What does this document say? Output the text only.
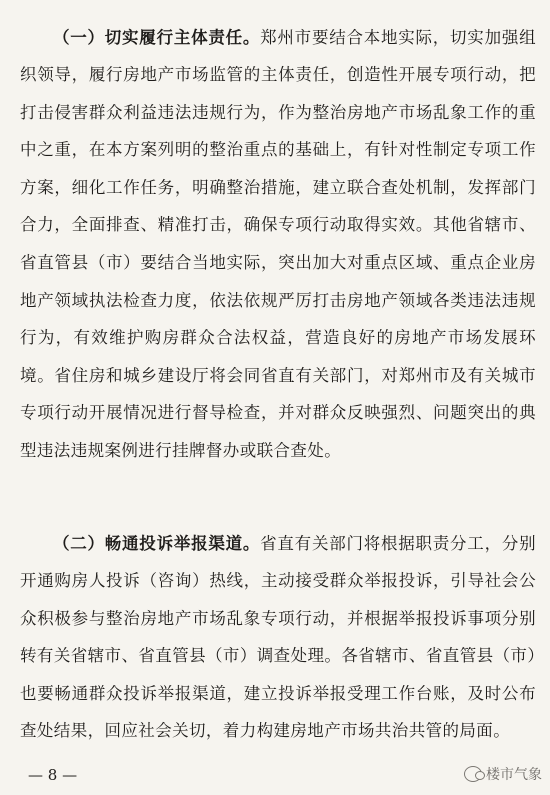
（一）切实履行主体责任。郑州市要结合本地实际，切实加强组织领导，履行房地产市场监管的主体责任，创造性开展专项行动，把打击侵害群众利益违法违规行为，作为整治房地产市场乱象工作的重中之重，在本方案列明的整治重点的基础上，有针对性制定专项工作方案，细化工作任务，明确整治措施，建立联合查处机制，发挥部门合力，全面排查、精准打击，确保专项行动取得实效。其他省辖市、省直管县（市）要结合当地实际，突出加大对重点区域、重点企业房地产领域执法检查力度，依法依规严厉打击房地产领域各类违法违规行为，有效维护购房群众合法权益，营造良好的房地产市场发展环境。省住房和城乡建设厅将会同省直有关部门，对郑州市及有关城市专项行动开展情况进行督导检查，并对群众反映强烈、问题突出的典型违法违规案例进行挂牌督办或联合查处。

（二）畅通投诉举报渠道。省直有关部门将根据职责分工，分别开通购房人投诉（咨询）热线，主动接受群众举报投诉，引导社会公众积极参与整治房地产市场乱象专项行动，并根据举报投诉事项分别转有关省辖市、省直管县（市）调查处理。各省辖市、省直管县（市）也要畅通群众投诉举报渠道，建立投诉举报受理工作台账，及时公布查处结果，回应社会关切，着力构建房地产市场共治共管的局面。

— 8 —	楼市气象
